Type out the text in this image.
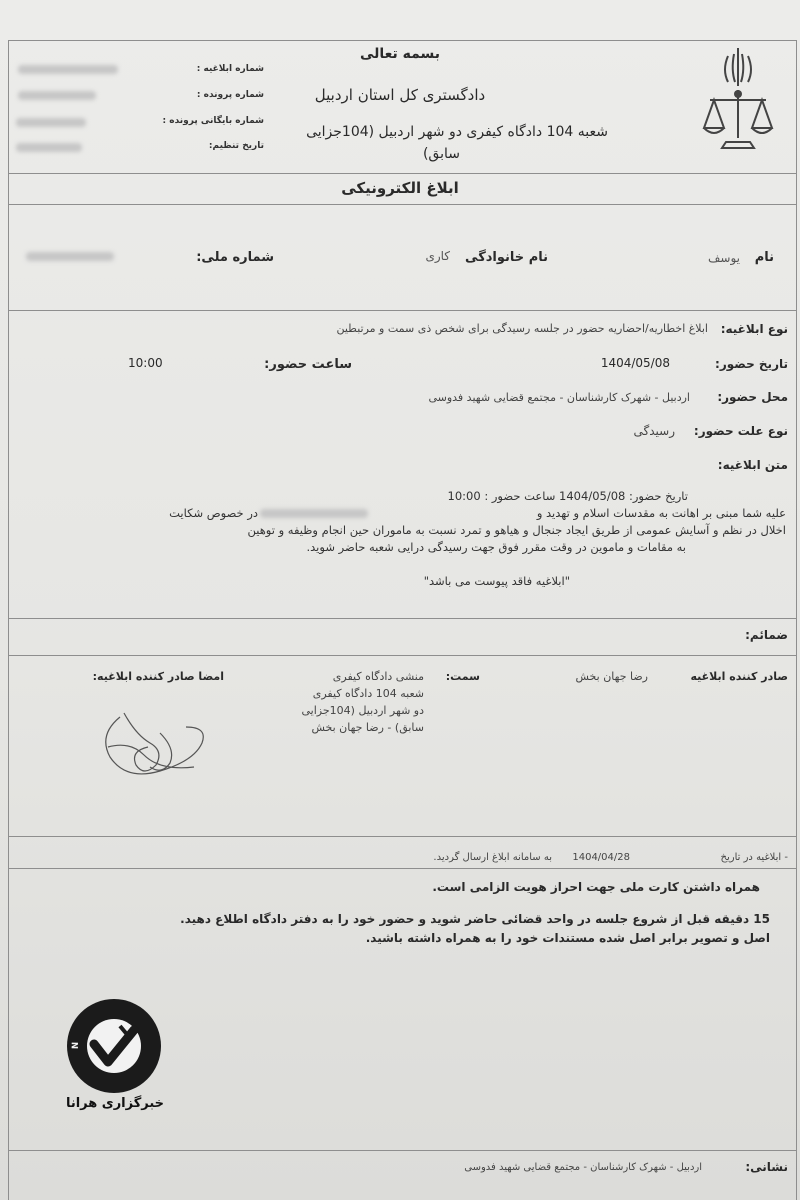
بسمه تعالی
دادگستری کل استان اردبیل
شعبه 104 دادگاه کیفری دو شهر اردبیل (104جزایی
سابق)
شماره ابلاغیه :
شماره پرونده :
شماره بایگانی پرونده :
تاریخ تنظیم:
ابلاغ الکترونیکی
نام
یوسف
نام خانوادگی
کاری
شماره ملی:
نوع ابلاغیه:
ابلاغ اخطاریه/احضاریه حضور در جلسه رسیدگی برای شخص ذی سمت و مرتبطین
تاریخ حضور:
1404/05/08
ساعت حضور:
10:00
محل حضور:
اردبیل - شهرک کارشناسان - مجتمع قضایی شهید فدوسی
نوع علت حضور:
رسیدگی
متن ابلاغیه:
تاریخ حضور: 1404/05/08 ساعت حضور : 10:00
علیه شما مبنی بر اهانت به مقدسات اسلام و تهدید و
در خصوص شکایت
اخلال در نظم و آسایش عمومی از طریق ایجاد جنجال و هیاهو و تمرد نسبت به ماموران حین انجام وظیفه و توهین
به مقامات و ماموین در وقت مقرر فوق جهت رسیدگی درایی شعبه حاضر شوید.
"ابلاغیه فاقد پیوست می باشد"
ضمائم:
صادر کننده ابلاغیه
رضا جهان بخش
سمت:
منشی دادگاه کیفری
شعبه 104 دادگاه کیفری
دو شهر اردبیل (104جزایی
سابق) - رضا جهان بخش
امضا صادر کننده ابلاغیه:
- ابلاغیه در تاریخ
1404/04/28
به سامانه ابلاغ ارسال گردید.
همراه داشتن کارت ملی جهت احراز هویت الزامی است.
15 دقیقه قبل از شروع جلسه در واحد قضائی حاضر شوید و حضور خود را به دفتر دادگاه اطلاع دهید.
اصل و تصویر برابر اصل شده مستندات خود را به همراه داشته باشید.
N
خبرگزاری هرانا
نشانی:
اردبیل - شهرک کارشناسان - مجتمع قضایی شهید فدوسی
